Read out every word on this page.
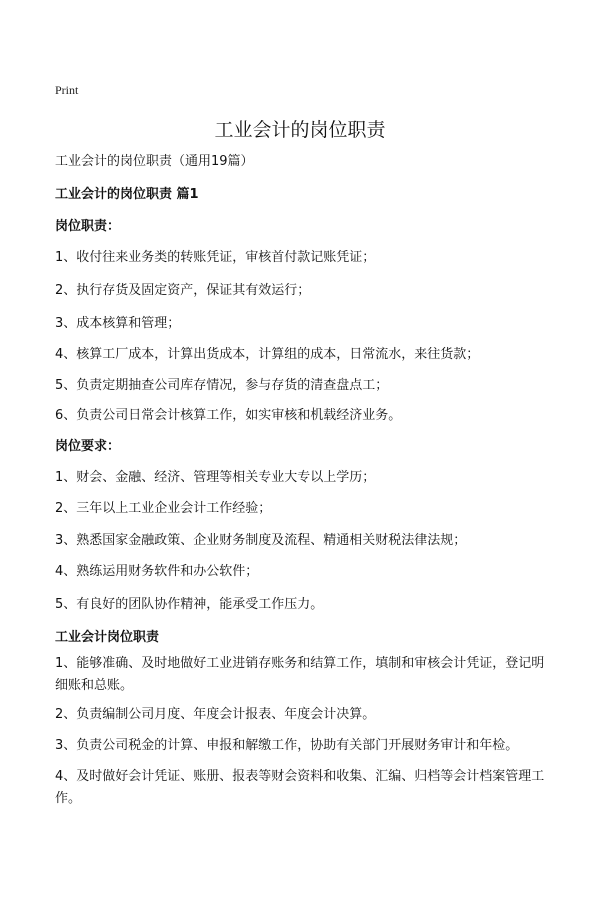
Print
工业会计的岗位职责
工业会计的岗位职责（通用19篇）
工业会计的岗位职责 篇1
岗位职责：
1、收付往来业务类的转账凭证，审核首付款记账凭证；
2、执行存货及固定资产，保证其有效运行；
3、成本核算和管理；
4、核算工厂成本，计算出货成本，计算组的成本，日常流水，来往货款；
5、负责定期抽查公司库存情况，参与存货的清查盘点工；
6、负责公司日常会计核算工作，如实审核和机载经济业务。
岗位要求：
1、财会、金融、经济、管理等相关专业大专以上学历；
2、三年以上工业企业会计工作经验；
3、熟悉国家金融政策、企业财务制度及流程、精通相关财税法律法规；
4、熟练运用财务软件和办公软件；
5、有良好的团队协作精神，能承受工作压力。
工业会计岗位职责
1、能够准确、及时地做好工业进销存账务和结算工作，填制和审核会计凭证，登记明细账和总账。
2、负责编制公司月度、年度会计报表、年度会计决算。
3、负责公司税金的计算、申报和解缴工作，协助有关部门开展财务审计和年检。
4、及时做好会计凭证、账册、报表等财会资料和收集、汇编、归档等会计档案管理工作。
